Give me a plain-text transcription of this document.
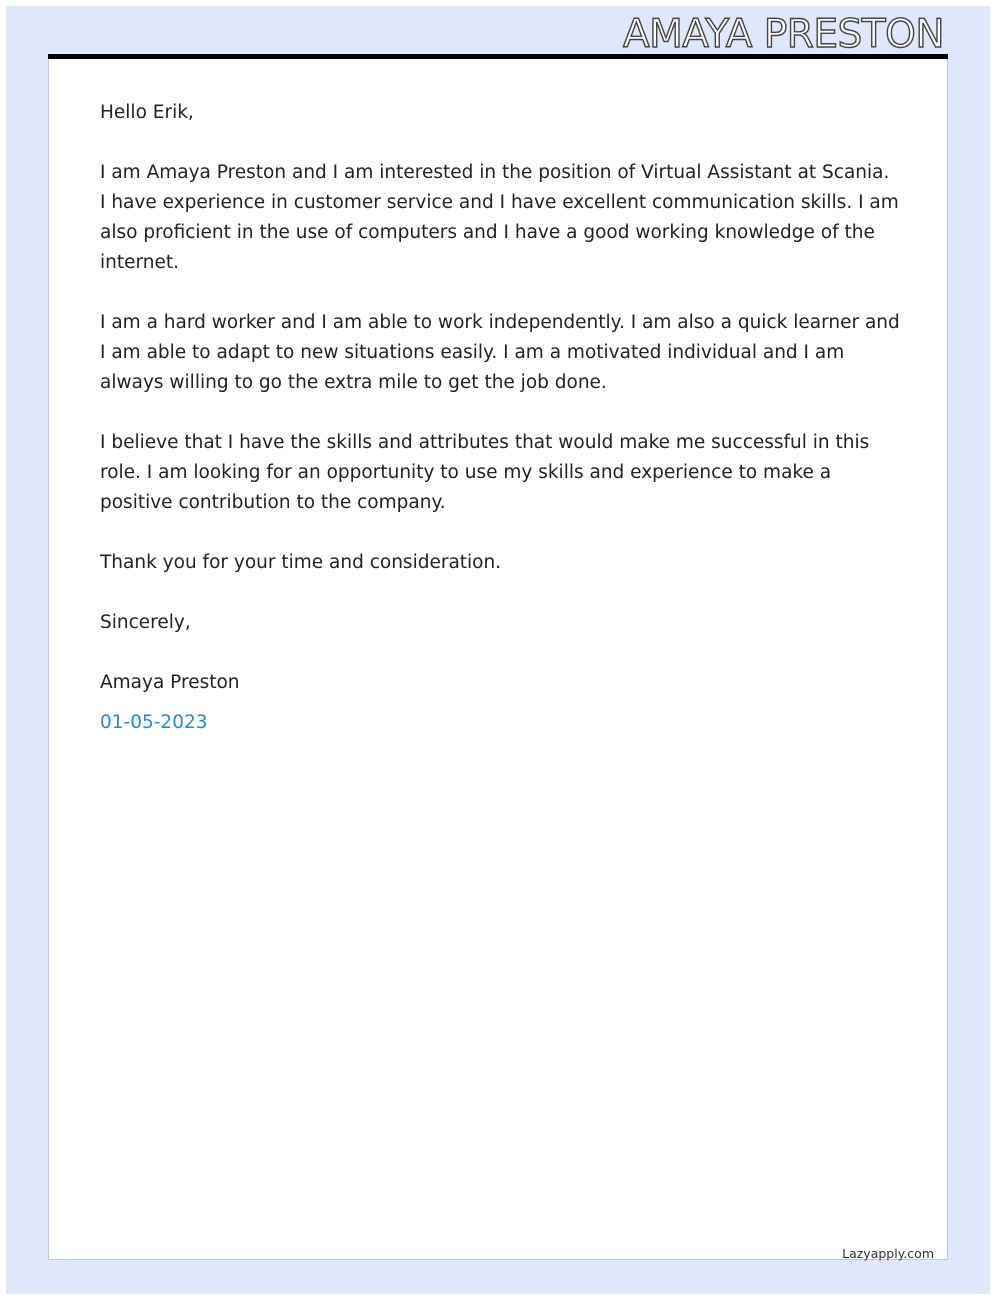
AMAYA PRESTON

Hello Erik,

I am Amaya Preston and I am interested in the position of Virtual Assistant at Scania. I have experience in customer service and I have excellent communication skills. I am also proficient in the use of computers and I have a good working knowledge of the internet.

I am a hard worker and I am able to work independently. I am also a quick learner and I am able to adapt to new situations easily. I am a motivated individual and I am always willing to go the extra mile to get the job done.

I believe that I have the skills and attributes that would make me successful in this role. I am looking for an opportunity to use my skills and experience to make a positive contribution to the company.

Thank you for your time and consideration.

Sincerely,

Amaya Preston

01-05-2023

Lazyapply.com
